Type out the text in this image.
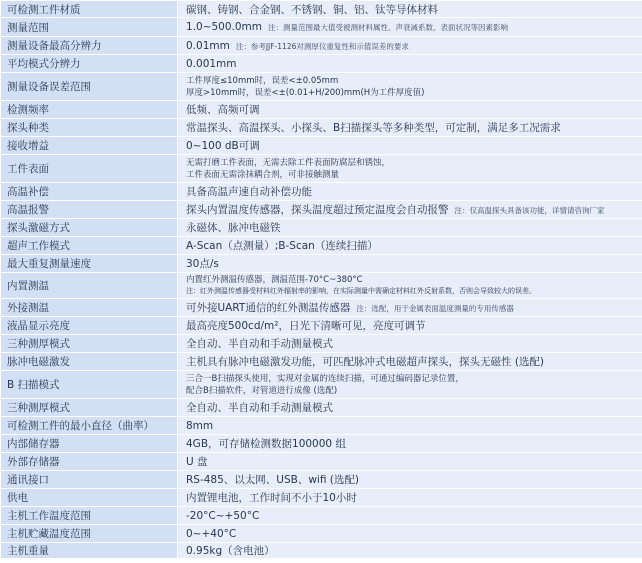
可检测工件材质	碳钢、铸钢、合金钢、不锈钢、铜、铝、钛等导体材料
测量范围	1.0~500.0mm 注：测量范围最大值受被测材料属性、声衰减系数、表面状况等因素影响
测量设备最高分辨力	0.01mm 注：参考JJF-1126对测厚仪重复性和示值误差的要求
平均模式分辨力	0.001mm
测量设备误差范围	工件厚度≤10mm时，误差<±0.05mm
厚度>10mm时，误差<±(0.01+H/200)mm(H为工件厚度值)

检测频率	低频、高频可调
探头种类	常温探头、高温探头、小探头、B扫描探头等多种类型，可定制，满足多工况需求
接收增益	0~100 dB可调
工件表面	无需打磨工件表面，无需去除工件表面防腐层和锈蚀，
工件表面无需涂抹耦合剂，可非接触测量

高温补偿	具备高温声速自动补偿功能
高温报警	探头内置温度传感器，探头温度超过预定温度会自动报警 注：仅高温探头具备该功能，详情请咨询厂家
探头激磁方式	永磁体、脉冲电磁铁
超声工作模式	A-Scan（点测量）;B-Scan（连续扫描）
最大重复测量速度	30点/s
内置测温	内置红外测温传感器，测温范围-70°C~380°C
注：红外测温传感器受材料红外辐射率的影响，在实际测量中需确定材料红外反射系数，否则会导致较大的误差。

外接测温	可外接UART通信的红外测温传感器 注：选配，用于金属表面温度测量的专用传感器
液晶显示亮度	最高亮度500cd/m²，日光下清晰可见，亮度可调节
三种测厚模式	全自动、半自动和手动测量模式
脉冲电磁激发	主机具有脉冲电磁激发功能，可匹配脉冲式电磁超声探头，探头无磁性 (选配)
B 扫描模式	三合一B扫描探头使用，实现对金属的连续扫描，可通过编码器记录位置，
配合B扫描软件，对管道进行成像 (选配)

三种测厚模式	全自动、半自动和手动测量模式
可检测工件的最小直径（曲率）	8mm
内部储存器	4GB，可存储检测数据100000 组
外部存储器	U 盘
通讯接口	RS-485、以太网、USB、wifi (选配)
供电	内置锂电池，工作时间不小于10小时
主机工作温度范围	-20°C~+50°C
主机贮藏温度范围	0~+40°C
主机重量	0.95kg（含电池）
